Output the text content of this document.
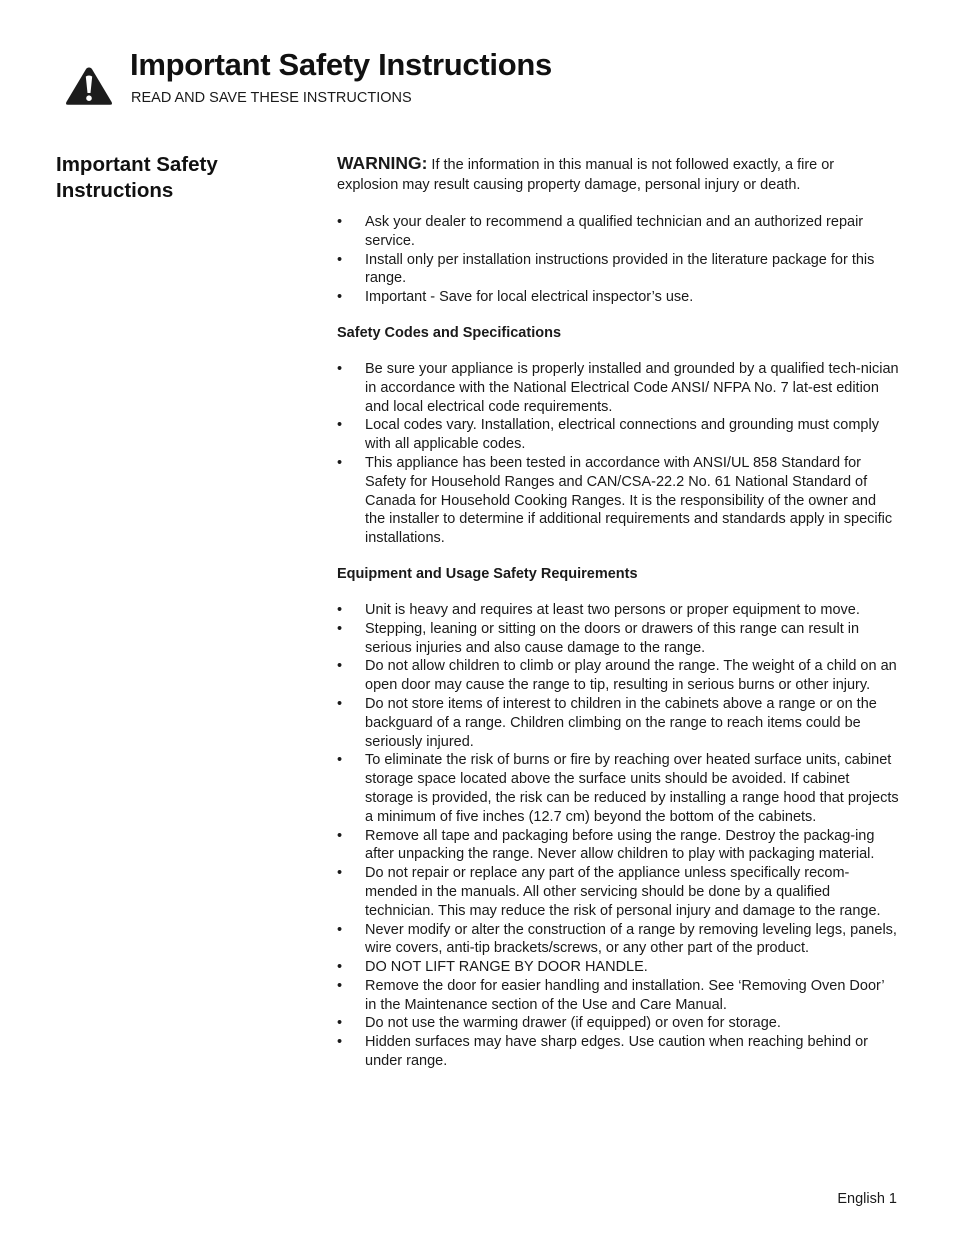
Important Safety Instructions
READ AND SAVE THESE INSTRUCTIONS
Important Safety Instructions

WARNING: If the information in this manual is not followed exactly, a fire or explosion may result causing property damage, personal injury or death.

• Ask your dealer to recommend a qualified technician and an authorized repair service.
• Install only per installation instructions provided in the literature package for this range.
• Important - Save for local electrical inspector’s use.

Safety Codes and Specifications

• Be sure your appliance is properly installed and grounded by a qualified tech-nician in accordance with the National Electrical Code ANSI/ NFPA No. 7 lat-est edition and local electrical code requirements.
• Local codes vary. Installation, electrical connections and grounding must comply with all applicable codes.
• This appliance has been tested in accordance with ANSI/UL 858 Standard for Safety for Household Ranges and CAN/CSA-22.2 No. 61 National Standard of Canada for Household Cooking Ranges. It is the responsibility of the owner and the installer to determine if additional requirements and standards apply in specific installations.

Equipment and Usage Safety Requirements

• Unit is heavy and requires at least two persons or proper equipment to move.
• Stepping, leaning or sitting on the doors or drawers of this range can result in serious injuries and also cause damage to the range.
• Do not allow children to climb or play around the range. The weight of a child on an open door may cause the range to tip, resulting in serious burns or other injury.
• Do not store items of interest to children in the cabinets above a range or on the backguard of a range. Children climbing on the range to reach items could be seriously injured.
• To eliminate the risk of burns or fire by reaching over heated surface units, cabinet storage space located above the surface units should be avoided. If cabinet storage is provided, the risk can be reduced by installing a range hood that projects a minimum of five inches (12.7 cm) beyond the bottom of the cabinets.
• Remove all tape and packaging before using the range. Destroy the packag-ing after unpacking the range. Never allow children to play with packaging material.
• Do not repair or replace any part of the appliance unless specifically recom-mended in the manuals. All other servicing should be done by a qualified technician. This may reduce the risk of personal injury and damage to the range.
• Never modify or alter the construction of a range by removing leveling legs, panels, wire covers, anti-tip brackets/screws, or any other part of the product.
• DO NOT LIFT RANGE BY DOOR HANDLE.
• Remove the door for easier handling and installation. See ‘Removing Oven Door’ in the Maintenance section of the Use and Care Manual.
• Do not use the warming drawer (if equipped) or oven for storage.
• Hidden surfaces may have sharp edges. Use caution when reaching behind or under range.
English 1
